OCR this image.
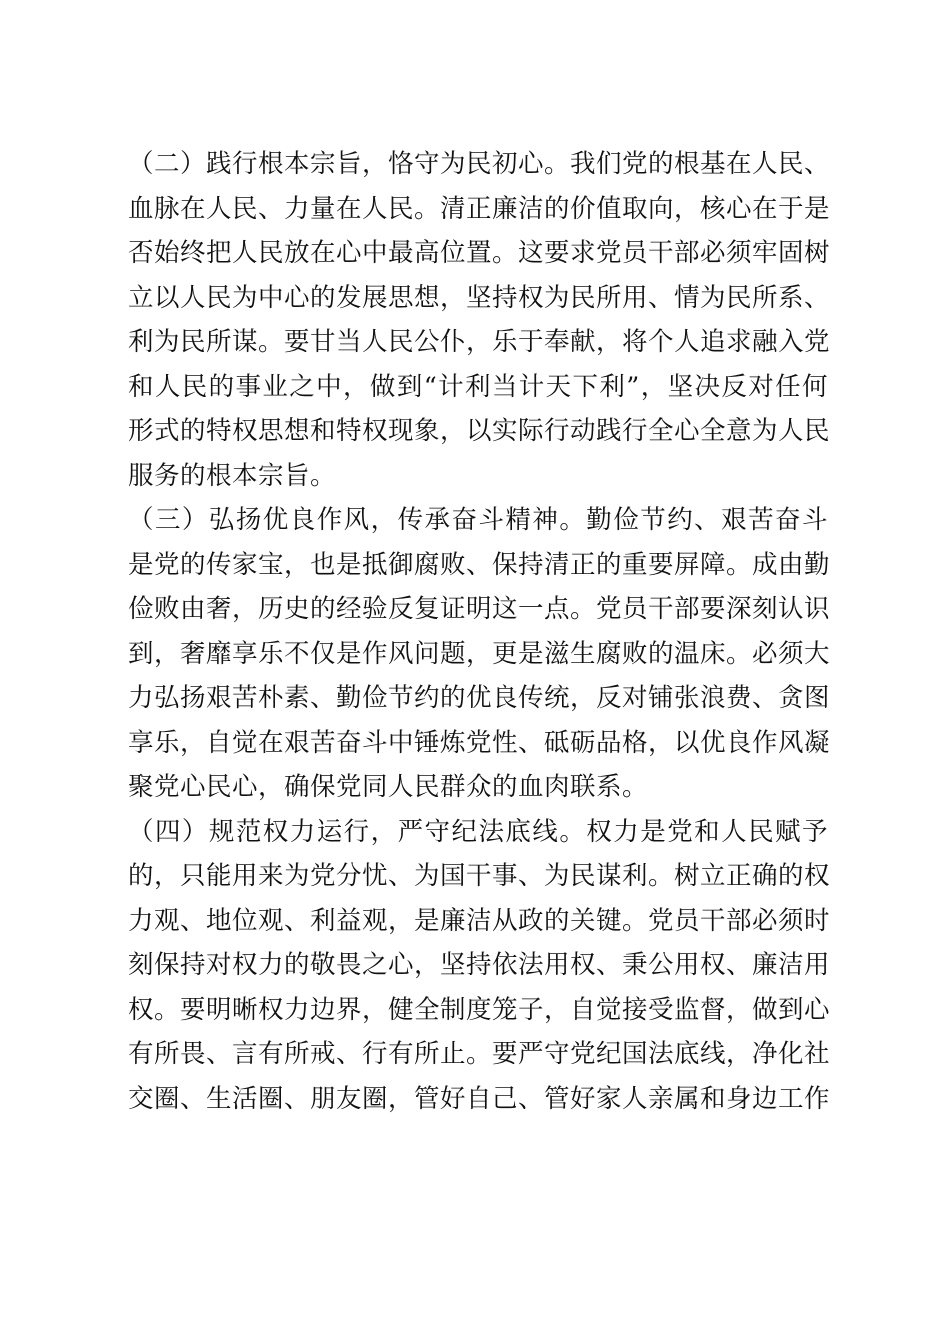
（二）践行根本宗旨，恪守为民初心。我们党的根基在人民、
血脉在人民、力量在人民。清正廉洁的价值取向，核心在于是
否始终把人民放在心中最高位置。这要求党员干部必须牢固树
立以人民为中心的发展思想，坚持权为民所用、情为民所系、
利为民所谋。要甘当人民公仆，乐于奉献，将个人追求融入党
和人民的事业之中，做到“计利当计天下利”，坚决反对任何
形式的特权思想和特权现象，以实际行动践行全心全意为人民
服务的根本宗旨。
（三）弘扬优良作风，传承奋斗精神。勤俭节约、艰苦奋斗
是党的传家宝，也是抵御腐败、保持清正的重要屏障。成由勤
俭败由奢，历史的经验反复证明这一点。党员干部要深刻认识
到，奢靡享乐不仅是作风问题，更是滋生腐败的温床。必须大
力弘扬艰苦朴素、勤俭节约的优良传统，反对铺张浪费、贪图
享乐，自觉在艰苦奋斗中锤炼党性、砥砺品格，以优良作风凝
聚党心民心，确保党同人民群众的血肉联系。
（四）规范权力运行，严守纪法底线。权力是党和人民赋予
的，只能用来为党分忧、为国干事、为民谋利。树立正确的权
力观、地位观、利益观，是廉洁从政的关键。党员干部必须时
刻保持对权力的敬畏之心，坚持依法用权、秉公用权、廉洁用
权。要明晰权力边界，健全制度笼子，自觉接受监督，做到心
有所畏、言有所戒、行有所止。要严守党纪国法底线，净化社
交圈、生活圈、朋友圈，管好自己、管好家人亲属和身边工作
